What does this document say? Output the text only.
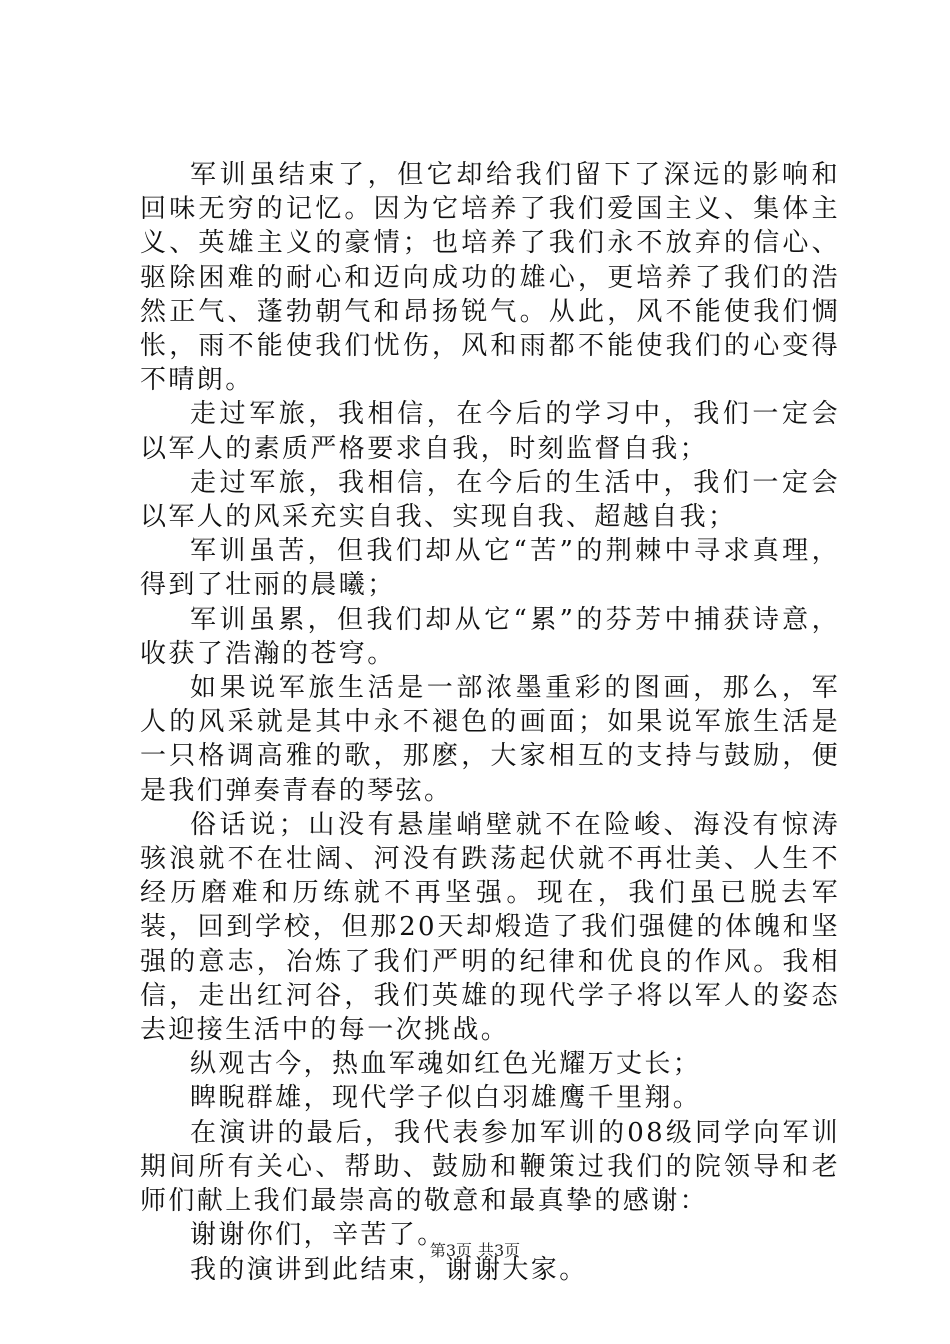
军训虽结束了，但它却给我们留下了深远的影响和回味无穷的记忆。因为它培养了我们爱国主义、集体主义、英雄主义的豪情；也培养了我们永不放弃的信心、驱除困难的耐心和迈向成功的雄心，更培养了我们的浩然正气、蓬勃朝气和昂扬锐气。从此，风不能使我们惆怅，雨不能使我们忧伤，风和雨都不能使我们的心变得不晴朗。

走过军旅，我相信，在今后的学习中，我们一定会以军人的素质严格要求自我，时刻监督自我；

走过军旅，我相信，在今后的生活中，我们一定会以军人的风采充实自我、实现自我、超越自我；

军训虽苦，但我们却从它“苦”的荆棘中寻求真理，得到了壮丽的晨曦；

军训虽累，但我们却从它“累”的芬芳中捕获诗意，收获了浩瀚的苍穹。

如果说军旅生活是一部浓墨重彩的图画，那么，军人的风采就是其中永不褪色的画面；如果说军旅生活是一只格调高雅的歌，那麽，大家相互的支持与鼓励，便是我们弹奏青春的琴弦。

俗话说；山没有悬崖峭壁就不在险峻、海没有惊涛骇浪就不在壮阔、河没有跌荡起伏就不再壮美、人生不经历磨难和历练就不再坚强。现在，我们虽已脱去军装，回到学校，但那20天却煅造了我们强健的体魄和坚强的意志，冶炼了我们严明的纪律和优良的作风。我相信，走出红河谷，我们英雄的现代学子将以军人的姿态去迎接生活中的每一次挑战。

纵观古今，热血军魂如红色光耀万丈长；

睥睨群雄，现代学子似白羽雄鹰千里翔。

在演讲的最后，我代表参加军训的08级同学向军训期间所有关心、帮助、鼓励和鞭策过我们的院领导和老师们献上我们最崇高的敬意和最真挚的感谢：

谢谢你们，辛苦了。

我的演讲到此结束，谢谢大家。

第3页 共3页
